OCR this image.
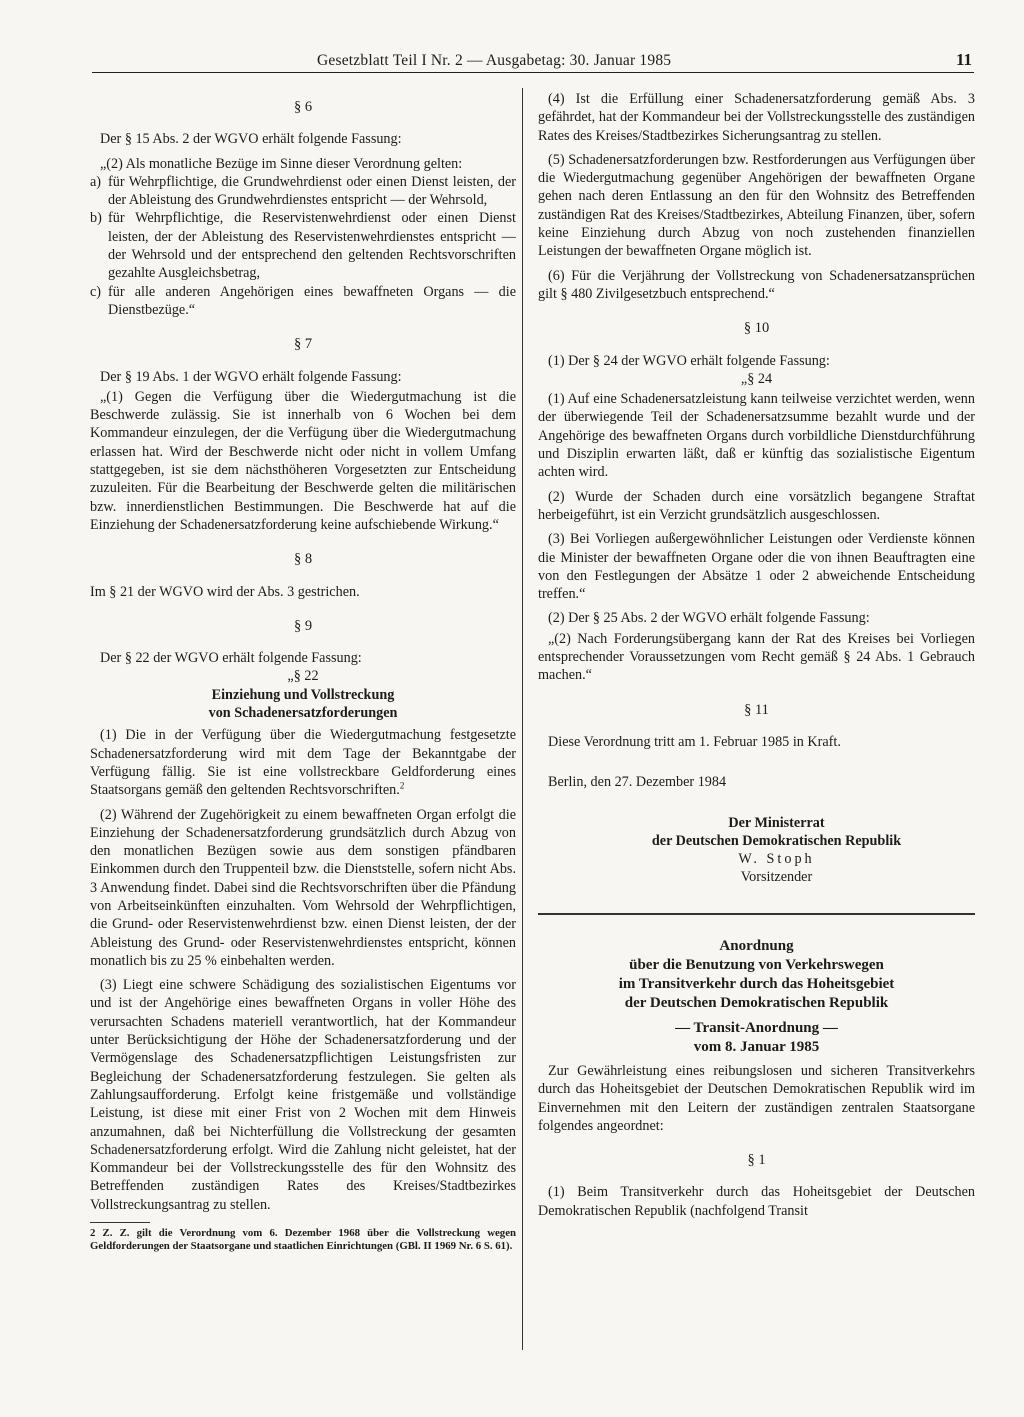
Gesetzblatt Teil I Nr. 2 — Ausgabetag: 30. Januar 1985	11

§ 6

Der § 15 Abs. 2 der WGVO erhält folgende Fassung:

„(2) Als monatliche Bezüge im Sinne dieser Verordnung gelten:

a) für Wehrpflichtige, die Grundwehrdienst oder einen Dienst leisten, der der Ableistung des Grundwehrdienstes entspricht — der Wehrsold,
b) für Wehrpflichtige, die Reservistenwehrdienst oder einen Dienst leisten, der der Ableistung des Reservistenwehrdienstes entspricht — der Wehrsold und der entsprechend den geltenden Rechtsvorschriften gezahlte Ausgleichsbetrag,
c) für alle anderen Angehörigen eines bewaffneten Organs — die Dienstbezüge.“

§ 7

Der § 19 Abs. 1 der WGVO erhält folgende Fassung:

„(1) Gegen die Verfügung über die Wiedergutmachung ist die Beschwerde zulässig. Sie ist innerhalb von 6 Wochen bei dem Kommandeur einzulegen, der die Verfügung über die Wiedergutmachung erlassen hat. Wird der Beschwerde nicht oder nicht in vollem Umfang stattgegeben, ist sie dem nächsthöheren Vorgesetzten zur Entscheidung zuzuleiten. Für die Bearbeitung der Beschwerde gelten die militärischen bzw. innerdienstlichen Bestimmungen. Die Beschwerde hat auf die Einziehung der Schadenersatzforderung keine aufschiebende Wirkung.“

§ 8

Im § 21 der WGVO wird der Abs. 3 gestrichen.

§ 9

Der § 22 der WGVO erhält folgende Fassung:

„§ 22

Einziehung und Vollstreckung

von Schadenersatzforderungen

(1) Die in der Verfügung über die Wiedergutmachung festgesetzte Schadenersatzforderung wird mit dem Tage der Bekanntgabe der Verfügung fällig. Sie ist eine vollstreckbare Geldforderung eines Staatsorgans gemäß den geltenden Rechtsvorschriften.$^2$

(2) Während der Zugehörigkeit zu einem bewaffneten Organ erfolgt die Einziehung der Schadenersatzforderung grundsätzlich durch Abzug von den monatlichen Bezügen sowie aus dem sonstigen pfändbaren Einkommen durch den Truppenteil bzw. die Dienststelle, sofern nicht Abs. 3 Anwendung findet. Dabei sind die Rechtsvorschriften über die Pfändung von Arbeitseinkünften einzuhalten. Vom Wehrsold der Wehrpflichtigen, die Grund- oder Reservistenwehrdienst bzw. einen Dienst leisten, der der Ableistung des Grund- oder Reservistenwehrdienstes entspricht, können monatlich bis zu 25 % einbehalten werden.

(3) Liegt eine schwere Schädigung des sozialistischen Eigentums vor und ist der Angehörige eines bewaffneten Organs in voller Höhe des verursachten Schadens materiell verantwortlich, hat der Kommandeur unter Berücksichtigung der Höhe der Schadenersatzforderung und der Vermögenslage des Schadenersatzpflichtigen Leistungsfristen zur Begleichung der Schadenersatzforderung festzulegen. Sie gelten als Zahlungsaufforderung. Erfolgt keine fristgemäße und vollständige Leistung, ist diese mit einer Frist von 2 Wochen mit dem Hinweis anzumahnen, daß bei Nichterfüllung die Vollstreckung der gesamten Schadenersatzforderung erfolgt. Wird die Zahlung nicht geleistet, hat der Kommandeur bei der Vollstreckungsstelle des für den Wohnsitz des Betreffenden zuständigen Rates des Kreises/Stadtbezirkes Vollstreckungsantrag zu stellen.

2 Z. Z. gilt die Verordnung vom 6. Dezember 1968 über die Vollstreckung wegen Geldforderungen der Staatsorgane und staatlichen Einrichtungen (GBl. II 1969 Nr. 6 S. 61).

(4) Ist die Erfüllung einer Schadenersatzforderung gemäß Abs. 3 gefährdet, hat der Kommandeur bei der Vollstreckungsstelle des zuständigen Rates des Kreises/Stadtbezirkes Sicherungsantrag zu stellen.

(5) Schadenersatzforderungen bzw. Restforderungen aus Verfügungen über die Wiedergutmachung gegenüber Angehörigen der bewaffneten Organe gehen nach deren Entlassung an den für den Wohnsitz des Betreffenden zuständigen Rat des Kreises/Stadtbezirkes, Abteilung Finanzen, über, sofern keine Einziehung durch Abzug von noch zustehenden finanziellen Leistungen der bewaffneten Organe möglich ist.

(6) Für die Verjährung der Vollstreckung von Schadenersatzansprüchen gilt § 480 Zivilgesetzbuch entsprechend.“

§ 10

(1) Der § 24 der WGVO erhält folgende Fassung:

„§ 24

(1) Auf eine Schadenersatzleistung kann teilweise verzichtet werden, wenn der überwiegende Teil der Schadenersatzsumme bezahlt wurde und der Angehörige des bewaffneten Organs durch vorbildliche Dienstdurchführung und Disziplin erwarten läßt, daß er künftig das sozialistische Eigentum achten wird.

(2) Wurde der Schaden durch eine vorsätzlich begangene Straftat herbeigeführt, ist ein Verzicht grundsätzlich ausgeschlossen.

(3) Bei Vorliegen außergewöhnlicher Leistungen oder Verdienste können die Minister der bewaffneten Organe oder die von ihnen Beauftragten eine von den Festlegungen der Absätze 1 oder 2 abweichende Entscheidung treffen.“

(2) Der § 25 Abs. 2 der WGVO erhält folgende Fassung:

„(2) Nach Forderungsübergang kann der Rat des Kreises bei Vorliegen entsprechender Voraussetzungen vom Recht gemäß § 24 Abs. 1 Gebrauch machen.“

§ 11

Diese Verordnung tritt am 1. Februar 1985 in Kraft.

Berlin, den 27. Dezember 1984

Der Ministerrat
der Deutschen Demokratischen Republik
W. Stoph
Vorsitzender
Anordnung
über die Benutzung von Verkehrswegen
im Transitverkehr durch das Hoheitsgebiet
der Deutschen Demokratischen Republik
— Transit-Anordnung —

vom 8. Januar 1985

Zur Gewährleistung eines reibungslosen und sicheren Transitverkehrs durch das Hoheitsgebiet der Deutschen Demokratischen Republik wird im Einvernehmen mit den Leitern der zuständigen zentralen Staatsorgane folgendes angeordnet:

§ 1

(1) Beim Transitverkehr durch das Hoheitsgebiet der Deutschen Demokratischen Republik (nachfolgend Transit
